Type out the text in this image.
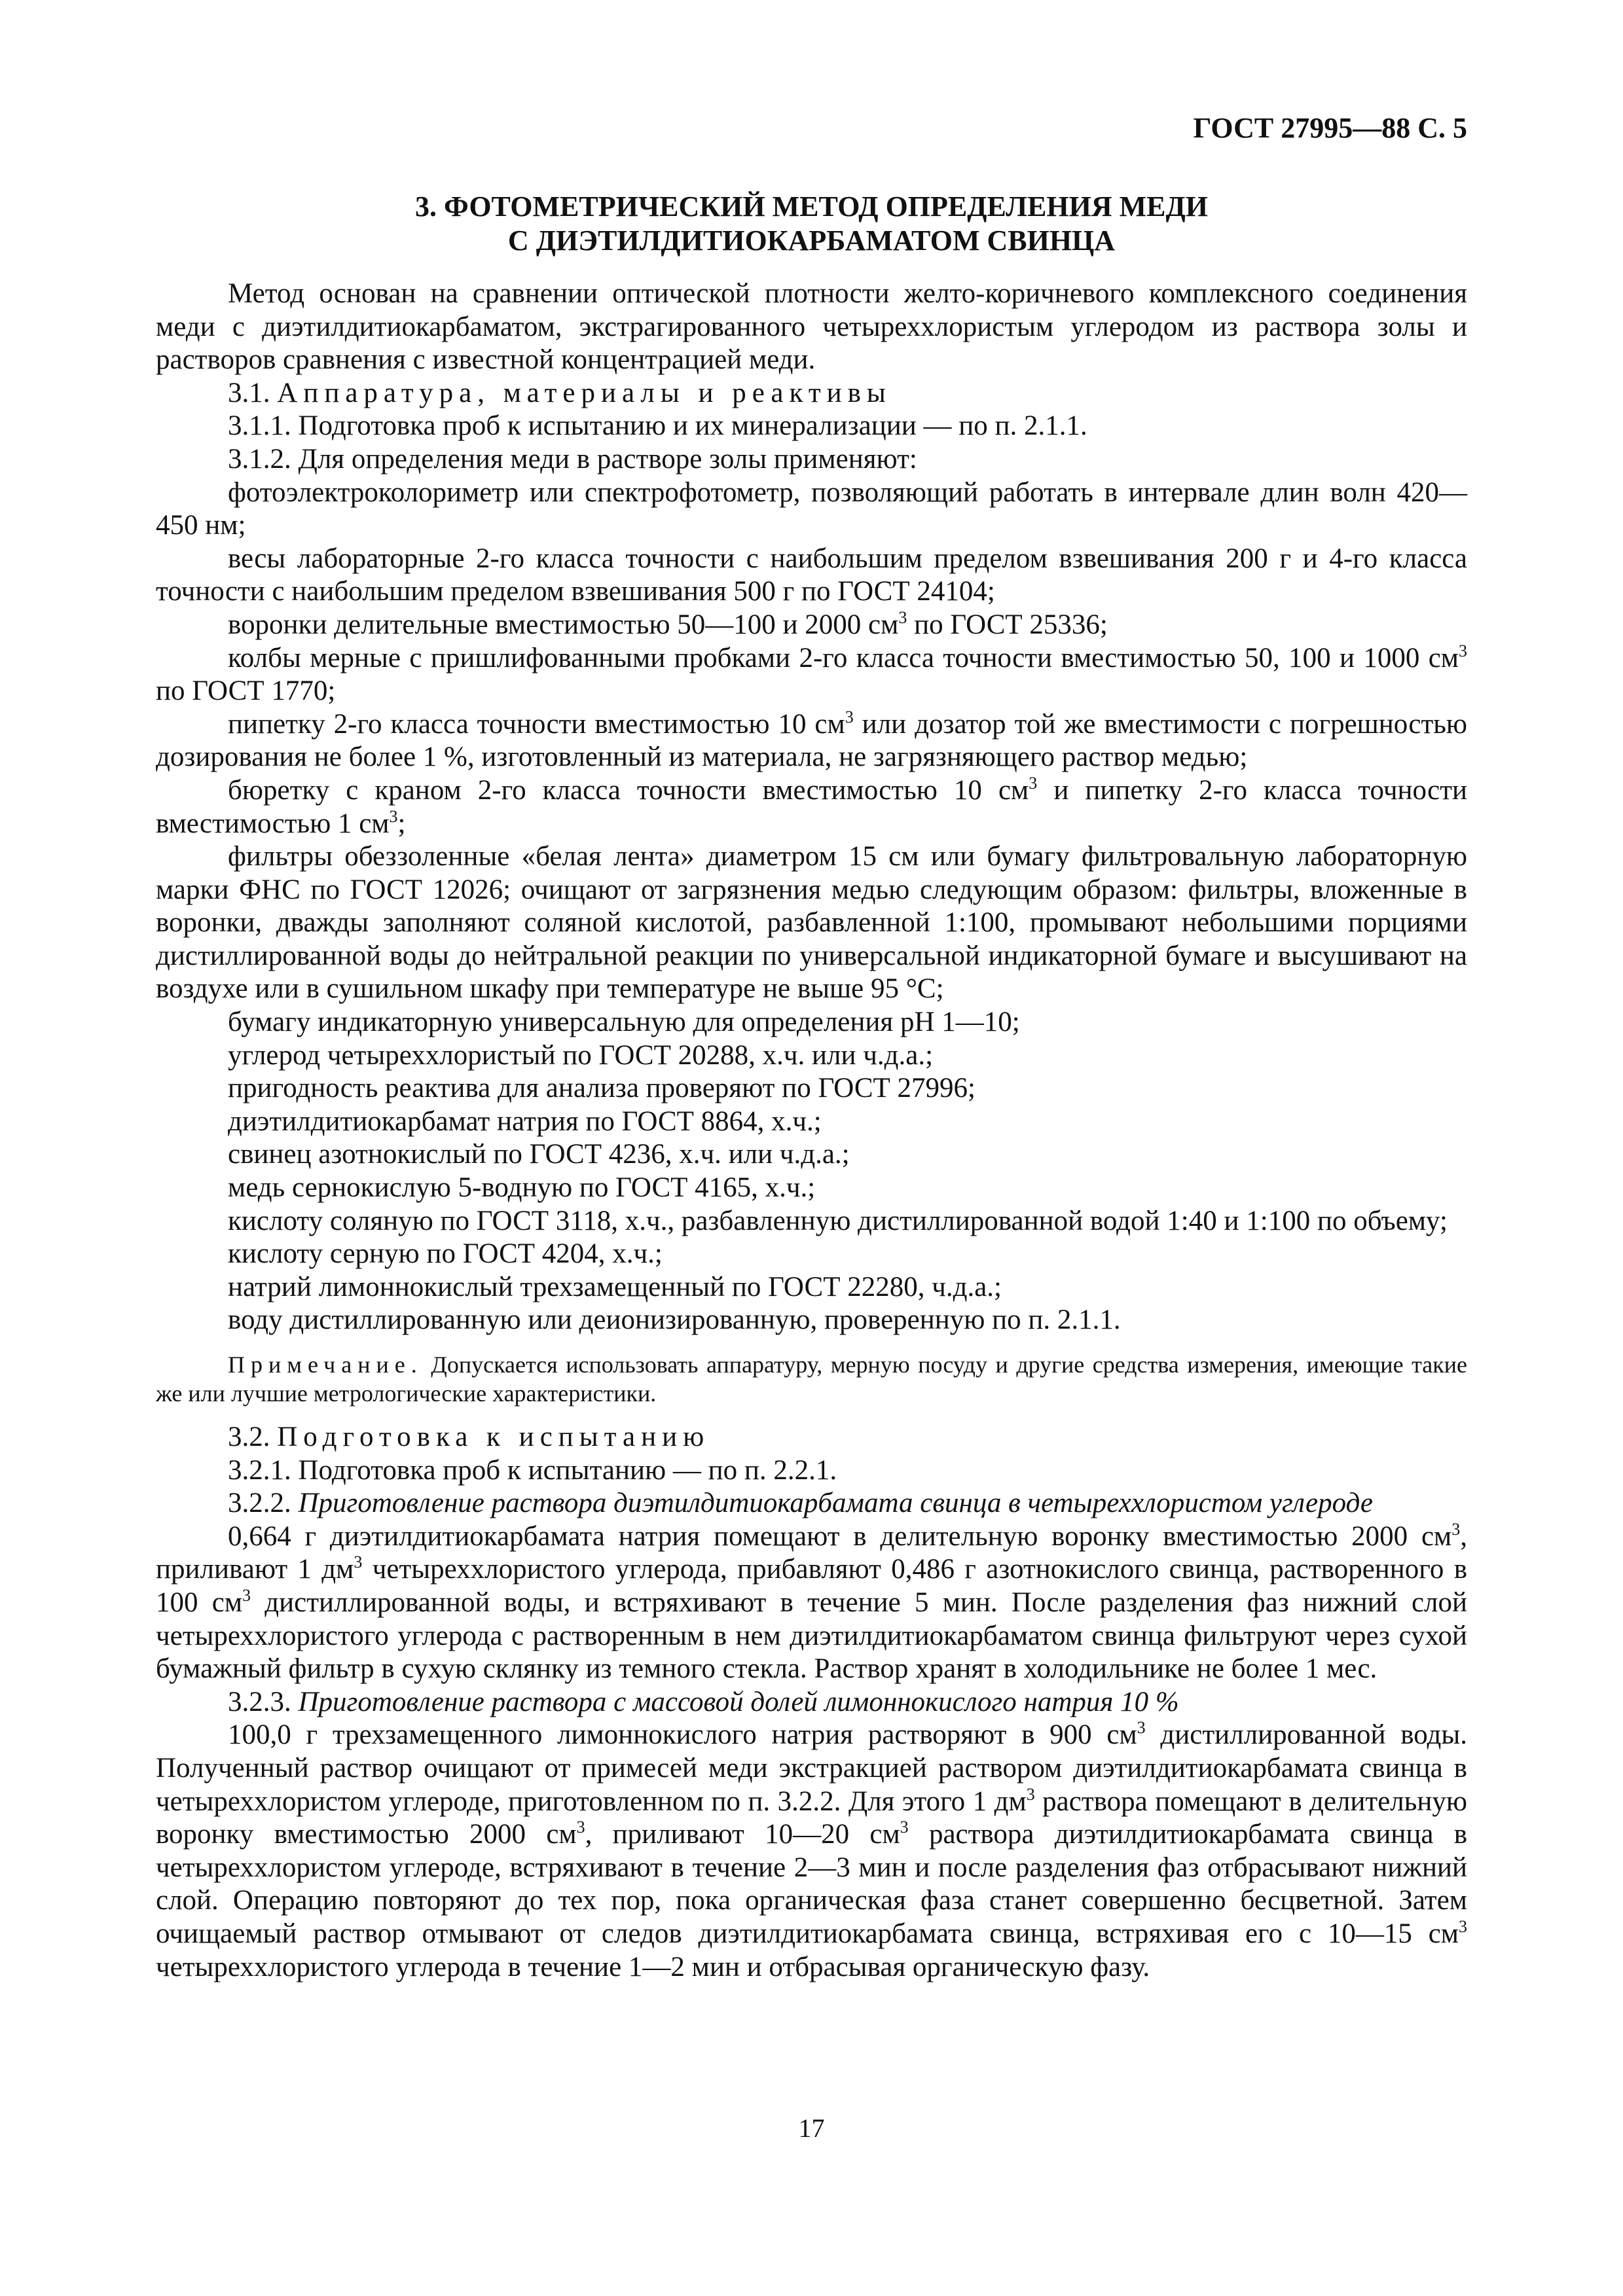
ГОСТ 27995—88 С. 5
3. ФОТОМЕТРИЧЕСКИЙ МЕТОД ОПРЕДЕЛЕНИЯ МЕДИ
С ДИЭТИЛДИТИОКАРБАМАТОМ СВИНЦА

Метод основан на сравнении оптической плотности желто-коричневого комплексного соединения меди с диэтилдитиокарбаматом, экстрагированного четыреххлористым углеродом из раствора золы и растворов сравнения с известной концентрацией меди.

3.1. Аппаратура, материалы и реактивы

3.1.1. Подготовка проб к испытанию и их минерализации — по п. 2.1.1.

3.1.2. Для определения меди в растворе золы применяют:

фотоэлектроколориметр или спектрофотометр, позволяющий работать в интервале длин волн 420—450 нм;

весы лабораторные 2-го класса точности с наибольшим пределом взвешивания 200 г и 4-го класса точности с наибольшим пределом взвешивания 500 г по ГОСТ 24104;

воронки делительные вместимостью 50—100 и 2000 $см^3$ по ГОСТ 25336;

колбы мерные с пришлифованными пробками 2-го класса точности вместимостью 50, 100 и 1000 $см^3$ по ГОСТ 1770;

пипетку 2-го класса точности вместимостью 10 $см^3$ или дозатор той же вместимости с погрешностью дозирования не более 1 %, изготовленный из материала, не загрязняющего раствор медью;

бюретку с краном 2-го класса точности вместимостью 10 $см^3$ и пипетку 2-го класса точности вместимостью 1 $см^3$;

фильтры обеззоленные «белая лента» диаметром 15 см или бумагу фильтровальную лабораторную марки ФНС по ГОСТ 12026; очищают от загрязнения медью следующим образом: фильтры, вложенные в воронки, дважды заполняют соляной кислотой, разбавленной 1:100, промывают небольшими порциями дистиллированной воды до нейтральной реакции по универсальной индикаторной бумаге и высушивают на воздухе или в сушильном шкафу при температуре не выше 95 °С;

бумагу индикаторную универсальную для определения рН 1—10;

углерод четыреххлористый по ГОСТ 20288, х.ч. или ч.д.а.;

пригодность реактива для анализа проверяют по ГОСТ 27996;

диэтилдитиокарбамат натрия по ГОСТ 8864, х.ч.;

свинец азотнокислый по ГОСТ 4236, х.ч. или ч.д.а.;

медь сернокислую 5-водную по ГОСТ 4165, х.ч.;

кислоту соляную по ГОСТ 3118, х.ч., разбавленную дистиллированной водой 1:40 и 1:100 по объему;

кислоту серную по ГОСТ 4204, х.ч.;

натрий лимоннокислый трехзамещенный по ГОСТ 22280, ч.д.а.;

воду дистиллированную или деионизированную, проверенную по п. 2.1.1.

Примечание. Допускается использовать аппаратуру, мерную посуду и другие средства измерения, имеющие такие же или лучшие метрологические характеристики.

3.2. Подготовка к испытанию

3.2.1. Подготовка проб к испытанию — по п. 2.2.1.

3.2.2. Приготовление раствора диэтилдитиокарбамата свинца в четыреххлористом углероде

0,664 г диэтилдитиокарбамата натрия помещают в делительную воронку вместимостью 2000 $см^3$, приливают 1 $дм^3$ четыреххлористого углерода, прибавляют 0,486 г азотнокислого свинца, растворенного в 100 $см^3$ дистиллированной воды, и встряхивают в течение 5 мин. После разделения фаз нижний слой четыреххлористого углерода с растворенным в нем диэтилдитиокарбаматом свинца фильтруют через сухой бумажный фильтр в сухую склянку из темного стекла. Раствор хранят в холодильнике не более 1 мес.

3.2.3. Приготовление раствора с массовой долей лимоннокислого натрия 10 %

100,0 г трехзамещенного лимоннокислого натрия растворяют в 900 $см^3$ дистиллированной воды. Полученный раствор очищают от примесей меди экстракцией раствором диэтилдитиокарбамата свинца в четыреххлористом углероде, приготовленном по п. 3.2.2. Для этого 1 $дм^3$ раствора помещают в делительную воронку вместимостью 2000 $см^3$, приливают 10—20 $см^3$ раствора диэтилдитиокарбамата свинца в четыреххлористом углероде, встряхивают в течение 2—3 мин и после разделения фаз отбрасывают нижний слой. Операцию повторяют до тех пор, пока органическая фаза станет совершенно бесцветной. Затем очищаемый раствор отмывают от следов диэтилдитиокарбамата свинца, встряхивая его с 10—15 $см^3$ четыреххлористого углерода в течение 1—2 мин и отбрасывая органическую фазу.

17
